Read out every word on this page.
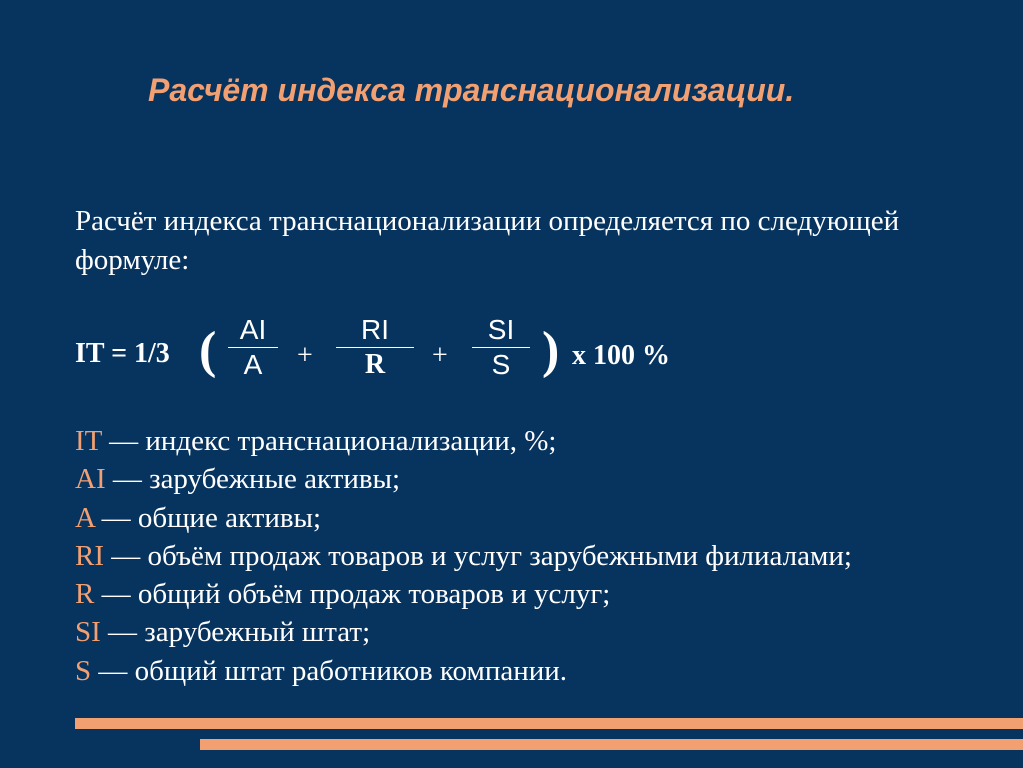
Расчёт индекса транснационализации.
Расчёт индекса транснационализации определяется по следующей формуле:
IT = 1/3 ( AI
A	+
RI
R	+
SI
S ) х 100 %
IT — индекс транснационализации, %;
AI — зарубежные активы;
A — общие активы;
RI — объём продаж товаров и услуг зарубежными филиалами;
R — общий объём продаж товаров и услуг;
SI — зарубежный штат;
S — общий штат работников компании.
